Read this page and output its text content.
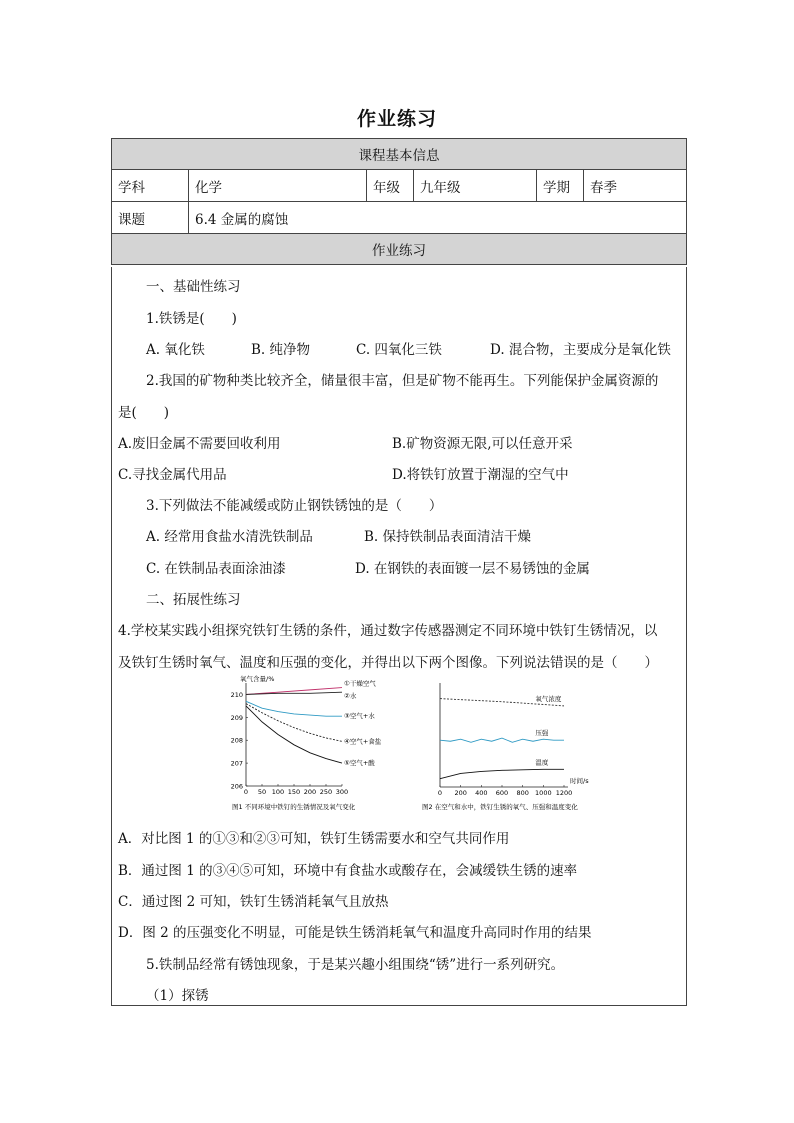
作业练习
课程基本信息					
学科	化学	年级	九年级	学期	春季
课题	6.4 金属的腐蚀				
作业练习					
一、基础性练习
1.铁锈是(　　)
A. 氧化铁	B. 纯净物	C. 四氧化三铁	D. 混合物，主要成分是氧化铁
2.我国的矿物种类比较齐全，储量很丰富，但是矿物不能再生。下列能保护金属资源的
是(　　)
A.废旧金属不需要回收利用	B.矿物资源无限,可以任意开采
C.寻找金属代用品	D.将铁钉放置于潮湿的空气中
3.下列做法不能减缓或防止钢铁锈蚀的是（　　）
A. 经常用食盐水清洗铁制品	B. 保持铁制品表面清洁干燥
C. 在铁制品表面涂油漆	D. 在钢铁的表面镀一层不易锈蚀的金属
二、拓展性练习
4.学校某实践小组探究铁钉生锈的条件，通过数字传感器测定不同环境中铁钉生锈情况，以
及铁钉生锈时氧气、温度和压强的变化，并得出以下两个图像。下列说法错误的是（　　）
氧气含量/%
206
207
208
209
210
0 50 100 150 200 250 300
①干燥空气
②水
③空气+水
④空气+食盐
⑤空气+酸
图1 不同环境中铁钉的生锈情况及氧气变化
0 200 400 600 800 1000 1200
时间/s
氧气浓度
压强
温度
图2 在空气和水中，铁钉生锈的氧气、压强和温度变化
A．对比图 1 的①③和②③可知，铁钉生锈需要水和空气共同作用
B．通过图 1 的③④⑤可知，环境中有食盐水或酸存在，会减缓铁生锈的速率
C．通过图 2 可知，铁钉生锈消耗氧气且放热
D．图 2 的压强变化不明显，可能是铁生锈消耗氧气和温度升高同时作用的结果
5.铁制品经常有锈蚀现象，于是某兴趣小组围绕“锈”进行一系列研究。
（1）探锈
